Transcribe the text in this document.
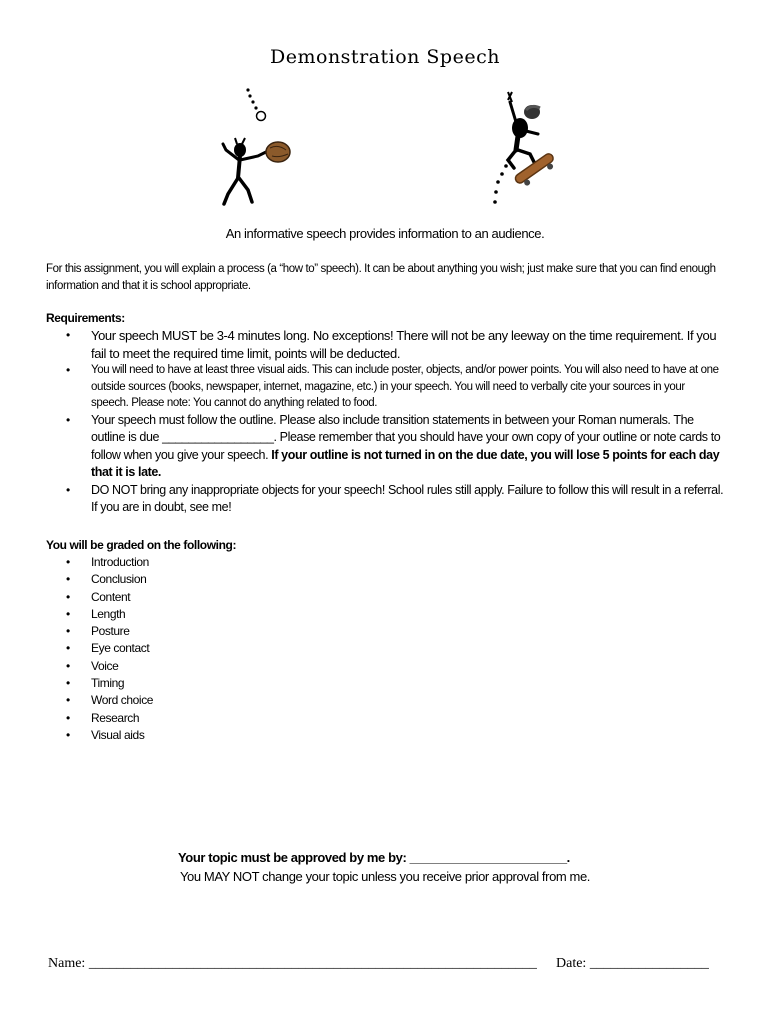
Demonstration Speech
An informative speech provides information to an audience.
For this assignment, you will explain a process (a “how to” speech). It can be about anything you wish; just make sure that you can find enough information and that it is school appropriate.
Requirements:
• Your speech MUST be 3-4 minutes long. No exceptions! There will not be any leeway on the time requirement. If you fail to meet the required time limit, points will be deducted.
• You will need to have at least three visual aids. This can include poster, objects, and/or power points. You will also need to have at one outside sources (books, newspaper, internet, magazine, etc.) in your speech. You will need to verbally cite your sources in your speech. Please note: You cannot do anything related to food.
• Your speech must follow the outline. Please also include transition statements in between your Roman numerals. The outline is due _________________. Please remember that you should have your own copy of your outline or note cards to follow when you give your speech. If your outline is not turned in on the due date, you will lose 5 points for each day that it is late.
• DO NOT bring any inappropriate objects for your speech! School rules still apply. Failure to follow this will result in a referral. If you are in doubt, see me!
You will be graded on the following:
• Introduction
• Conclusion
• Content
• Length
• Posture
• Eye contact
• Voice
• Timing
• Word choice
• Research
• Visual aids
Your topic must be approved by me by: _______________________.
You MAY NOT change your topic unless you receive prior approval from me.
Name: ________________________________________________________________ Date: _________________
